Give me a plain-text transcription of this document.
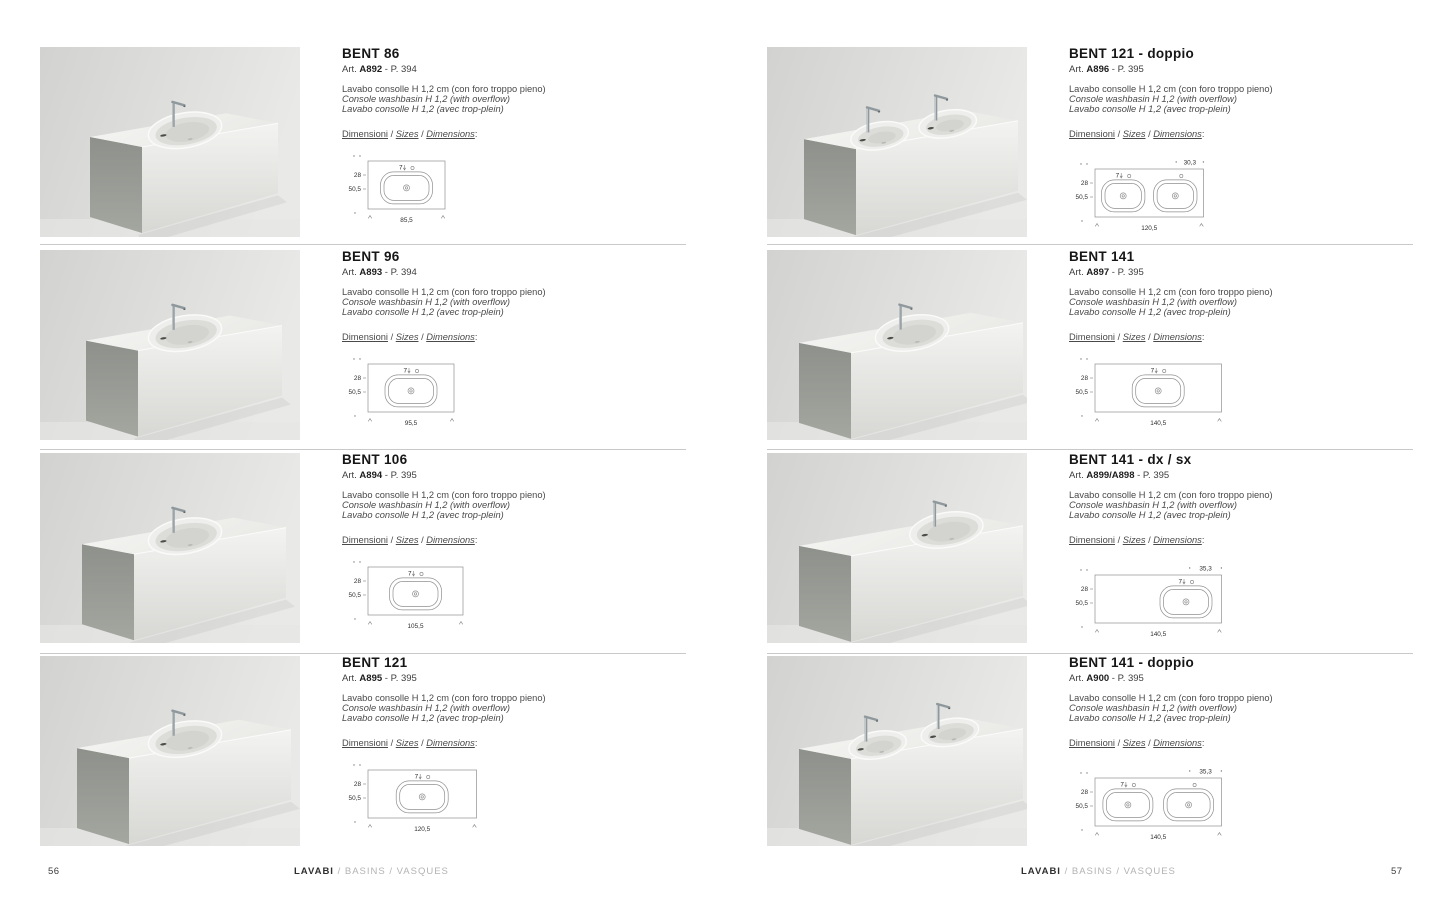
BENT 86

Art. A892 - P. 394

Lavabo consolle H 1,2 cm (con foro troppo pieno)
Console washbasin H 1,2 (with overflow)
Lavabo consolle H 1,2 (avec trop-plein)

Dimensioni / Sizes / Dimensions:

7
28
50,5
85,5
BENT 96

Art. A893 - P. 394

Lavabo consolle H 1,2 cm (con foro troppo pieno)
Console washbasin H 1,2 (with overflow)
Lavabo consolle H 1,2 (avec trop-plein)

Dimensioni / Sizes / Dimensions:

7
28
50,5
95,5
BENT 106

Art. A894 - P. 395

Lavabo consolle H 1,2 cm (con foro troppo pieno)
Console washbasin H 1,2 (with overflow)
Lavabo consolle H 1,2 (avec trop-plein)

Dimensioni / Sizes / Dimensions:

7
28
50,5
105,5
BENT 121

Art. A895 - P. 395

Lavabo consolle H 1,2 cm (con foro troppo pieno)
Console washbasin H 1,2 (with overflow)
Lavabo consolle H 1,2 (avec trop-plein)

Dimensioni / Sizes / Dimensions:

7
28
50,5
120,5
56	LAVABI / BASINS / VASQUES
BENT 121 - doppio

Art. A896 - P. 395

Lavabo consolle H 1,2 cm (con foro troppo pieno)
Console washbasin H 1,2 (with overflow)
Lavabo consolle H 1,2 (avec trop-plein)

Dimensioni / Sizes / Dimensions:

7
28
50,5
120,5
30,3
BENT 141

Art. A897 - P. 395

Lavabo consolle H 1,2 cm (con foro troppo pieno)
Console washbasin H 1,2 (with overflow)
Lavabo consolle H 1,2 (avec trop-plein)

Dimensioni / Sizes / Dimensions:

7
28
50,5
140,5
BENT 141 - dx / sx

Art. A899/A898 - P. 395

Lavabo consolle H 1,2 cm (con foro troppo pieno)
Console washbasin H 1,2 (with overflow)
Lavabo consolle H 1,2 (avec trop-plein)

Dimensioni / Sizes / Dimensions:

7
28
50,5
140,5
35,3
BENT 141 - doppio

Art. A900 - P. 395

Lavabo consolle H 1,2 cm (con foro troppo pieno)
Console washbasin H 1,2 (with overflow)
Lavabo consolle H 1,2 (avec trop-plein)

Dimensioni / Sizes / Dimensions:

7
28
50,5
140,5
35,3
LAVABI / BASINS / VASQUES	57
